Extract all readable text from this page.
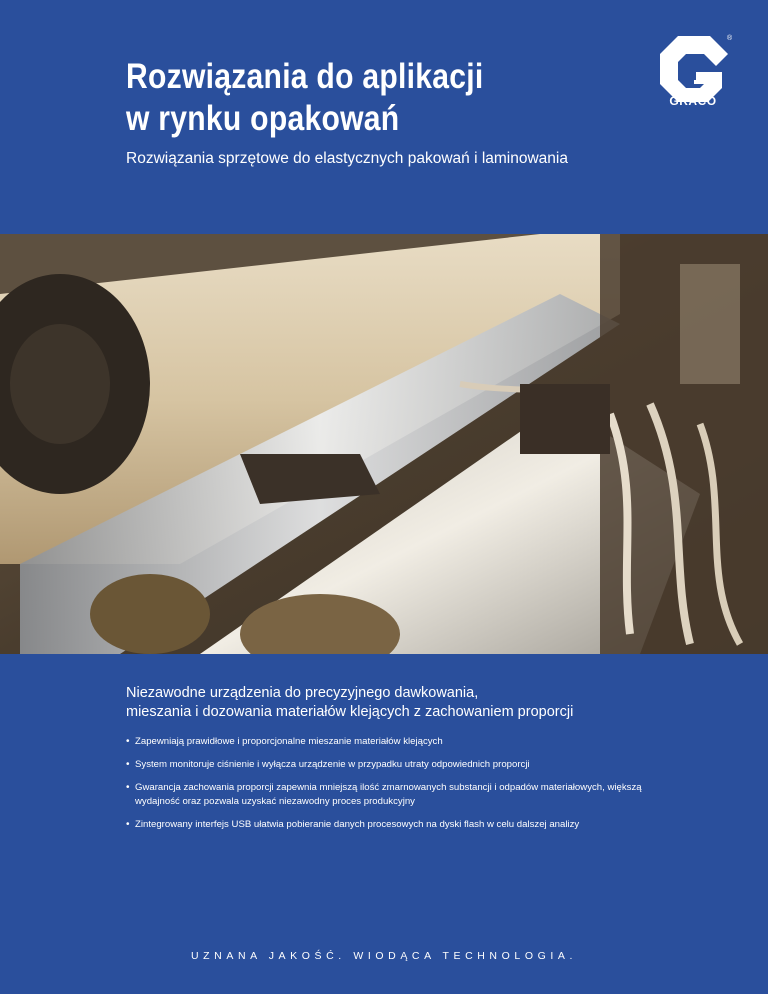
Rozwiązania do aplikacji
w rynku opakowań
Rozwiązania sprzętowe do elastycznych pakowań i laminowania
®
GRACO
Niezawodne urządzenia do precyzyjnego dawkowania,
mieszania i dozowania materiałów klejących z zachowaniem proporcji
• Zapewniają prawidłowe i proporcjonalne mieszanie materiałów klejących
• System monitoruje ciśnienie i wyłącza urządzenie w przypadku utraty odpowiednich proporcji
• Gwarancja zachowania proporcji zapewnia mniejszą ilość zmarnowanych substancji i odpadów materiałowych, większą wydajność oraz pozwala uzyskać niezawodny proces produkcyjny
• Zintegrowany interfejs USB ułatwia pobieranie danych procesowych na dyski flash w celu dalszej analizy
UZNANA JAKOŚĆ. WIODĄCA TECHNOLOGIA.
